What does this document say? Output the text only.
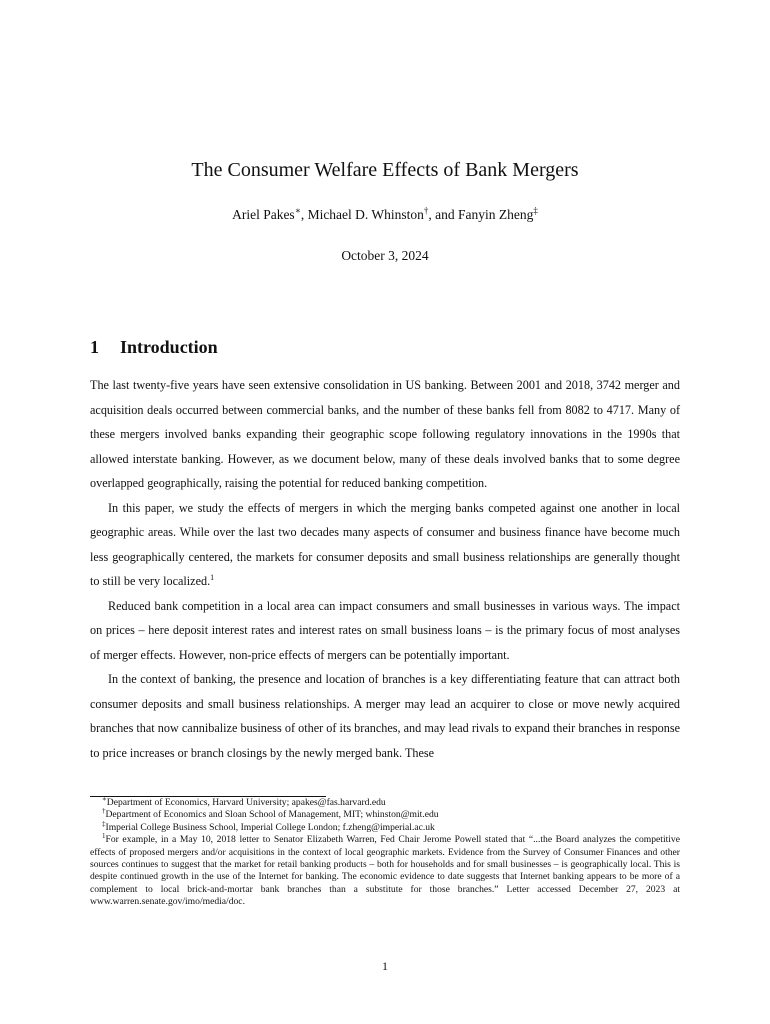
The Consumer Welfare Effects of Bank Mergers
Ariel Pakes∗, Michael D. Whinston†, and Fanyin Zheng‡
October 3, 2024
1 Introduction

The last twenty-five years have seen extensive consolidation in US banking. Between 2001 and 2018, 3742 merger and acquisition deals occurred between commercial banks, and the number of these banks fell from 8082 to 4717. Many of these mergers involved banks expanding their geographic scope following regulatory innovations in the 1990s that allowed interstate banking. However, as we document below, many of these deals involved banks that to some degree overlapped geographically, raising the potential for reduced banking competition.

In this paper, we study the effects of mergers in which the merging banks competed against one another in local geographic areas. While over the last two decades many aspects of consumer and business finance have become much less geographically centered, the markets for consumer deposits and small business relationships are generally thought to still be very localized.$^1$

Reduced bank competition in a local area can impact consumers and small businesses in various ways. The impact on prices – here deposit interest rates and interest rates on small business loans – is the primary focus of most analyses of merger effects. However, non-price effects of mergers can be potentially important.

In the context of banking, the presence and location of branches is a key differentiating feature that can attract both consumer deposits and small business relationships. A merger may lead an acquirer to close or move newly acquired branches that now cannibalize business of other of its branches, and may lead rivals to expand their branches in response to price increases or branch closings by the newly merged bank. These

∗Department of Economics, Harvard University; apakes@fas.harvard.edu

†Department of Economics and Sloan School of Management, MIT; whinston@mit.edu

‡Imperial College Business School, Imperial College London; f.zheng@imperial.ac.uk

$^1$For example, in a May 10, 2018 letter to Senator Elizabeth Warren, Fed Chair Jerome Powell stated that “...the Board analyzes the competitive effects of proposed mergers and/or acquisitions in the context of local geographic markets. Evidence from the Survey of Consumer Finances and other sources continues to suggest that the market for retail banking products – both for households and for small businesses – is geographically local. This is despite continued growth in the use of the Internet for banking. The economic evidence to date suggests that Internet banking appears to be more of a complement to local brick-and-mortar bank branches than a substitute for those branches.” Letter accessed December 27, 2023 at www.warren.senate.gov/imo/media/doc.

1
